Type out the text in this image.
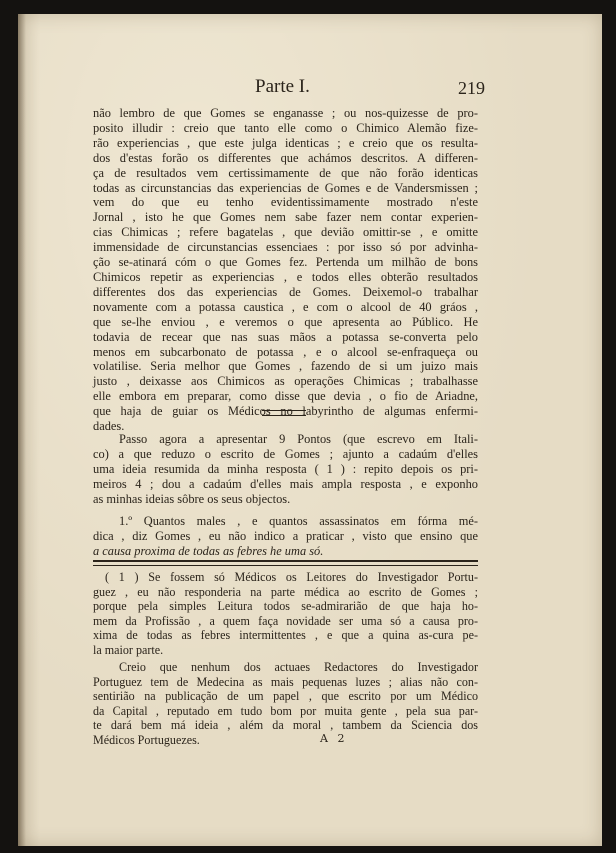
Parte I.	219
não lembro de que Gomes se enganasse ; ou nos-quizesse de pro-
posito illudir : creio que tanto elle como o Chimico Alemão fize-
rão experiencias , que este julga identicas ; e creio que os resulta-
dos d'estas forão os differentes que achámos descritos. A differen-
ça de resultados vem certissimamente de que não forão identicas
todas as circunstancias das experiencias de Gomes e de Vandersmissen ;
vem do que eu tenho evidentissimamente mostrado n'este
Jornal , isto he que Gomes nem sabe fazer nem contar experien-
cias Chimicas ; refere bagatelas , que devião omittir-se , e omitte
immensidade de circunstancias essenciaes : por isso só por advinha-
ção se-atinará cóm o que Gomes fez. Pertenda um milhão de bons
Chimicos repetir as experiencias , e todos elles obterão resultados
differentes dos das experiencias de Gomes. Deixemol-o trabalhar
novamente com a potassa caustica , e com o alcool de 40 gráos ,
que se-lhe enviou , e veremos o que apresenta ao Público. He
todavia de recear que nas suas mãos a potassa se-converta pelo
menos em subcarbonato de potassa , e o alcool se-enfraqueça ou
volatilise. Seria melhor que Gomes , fazendo de si um juizo mais
justo , deixasse aos Chimicos as operações Chimicas ; trabalhasse
elle embora em preparar, como disse que devia , o fio de Ariadne,
que haja de guiar os Médicos no labyrintho de algumas enfermi-
dades.
Passo agora a apresentar 9 Pontos (que escrevo em Itali-
co) a que reduzo o escrito de Gomes ; ajunto a cadaúm d'elles
uma ideia resumida da minha resposta ( 1 ) : repito depois os pri-
meiros 4 ; dou a cadaúm d'elles mais ampla resposta , e exponho
as minhas ideias sôbre os seus objectos.
1.º Quantos males , e quantos assassinatos em fórma mé-
dica , diz Gomes , eu não indico a praticar , visto que ensino que
a causa proxima de todas as febres he uma só.
( 1 ) Se fossem só Médicos os Leitores do Investigador Portu-
guez , eu não responderia na parte médica ao escrito de Gomes ;
porque pela simples Leitura todos se-admirarião de que haja ho-
mem da Profissão , a quem faça novidade ser uma só a causa pro-
xima de todas as febres intermittentes , e que a quina as-cura pe-
la maior parte.
Creio que nenhum dos actuaes Redactores do Investigador
Portuguez tem de Medecina as mais pequenas luzes ; alias não con-
sentirião na publicação de um papel , que escrito por um Médico
da Capital , reputado em tudo bom por muita gente , pela sua par-
te dará bem má ideia , além da moral , tambem da Sciencia dos
Médicos Portuguezes.	A 2
